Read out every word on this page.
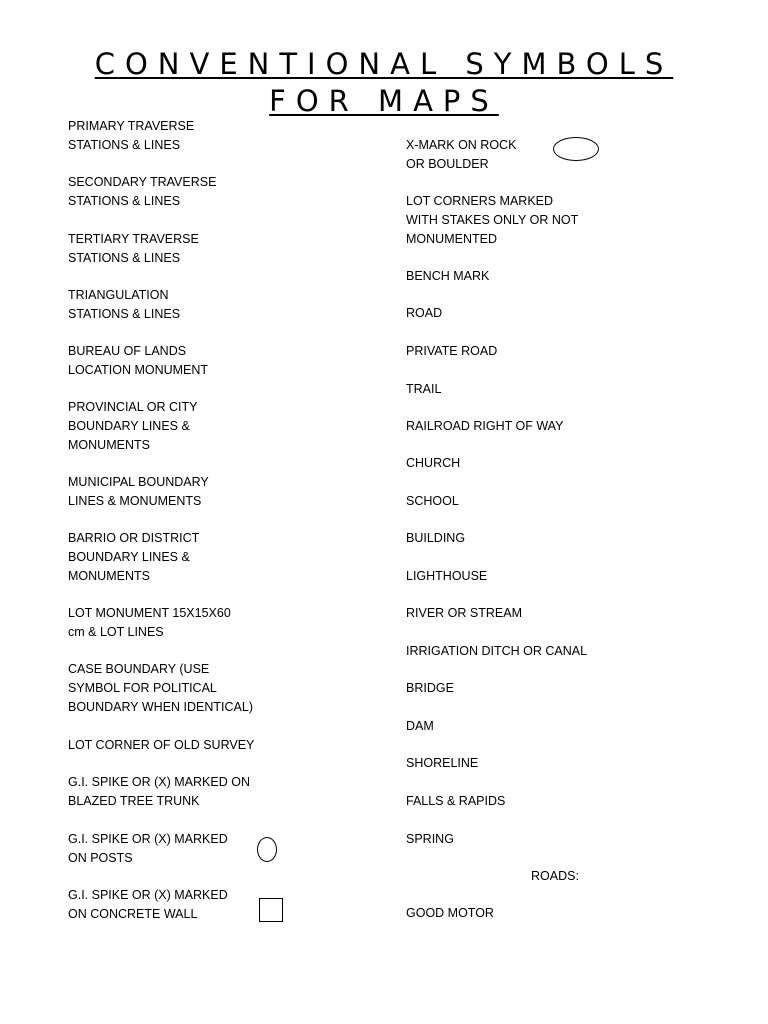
CONVENTIONAL SYMBOLS
FOR MAPS

PRIMARY TRAVERSE
STATIONS & LINES

SECONDARY TRAVERSE
STATIONS & LINES

TERTIARY TRAVERSE
STATIONS & LINES

TRIANGULATION
STATIONS & LINES

BUREAU OF LANDS
LOCATION MONUMENT

PROVINCIAL OR CITY
BOUNDARY LINES &
MONUMENTS

MUNICIPAL BOUNDARY
LINES & MONUMENTS

BARRIO OR DISTRICT
BOUNDARY LINES &
MONUMENTS

LOT MONUMENT 15X15X60
cm & LOT LINES

CASE BOUNDARY (USE
SYMBOL FOR POLITICAL
BOUNDARY WHEN IDENTICAL)

LOT CORNER OF OLD SURVEY

G.I. SPIKE OR (X) MARKED ON
BLAZED TREE TRUNK

G.I. SPIKE OR (X) MARKED
ON POSTS

G.I. SPIKE OR (X) MARKED
ON CONCRETE WALL

X-MARK ON ROCK
OR BOULDER

LOT CORNERS MARKED
WITH STAKES ONLY OR NOT
MONUMENTED

BENCH MARK

ROAD

PRIVATE ROAD

TRAIL

RAILROAD RIGHT OF WAY

CHURCH

SCHOOL

BUILDING

LIGHTHOUSE

RIVER OR STREAM

IRRIGATION DITCH OR CANAL

BRIDGE

DAM

SHORELINE

FALLS & RAPIDS

SPRING

ROADS:

GOOD MOTOR
